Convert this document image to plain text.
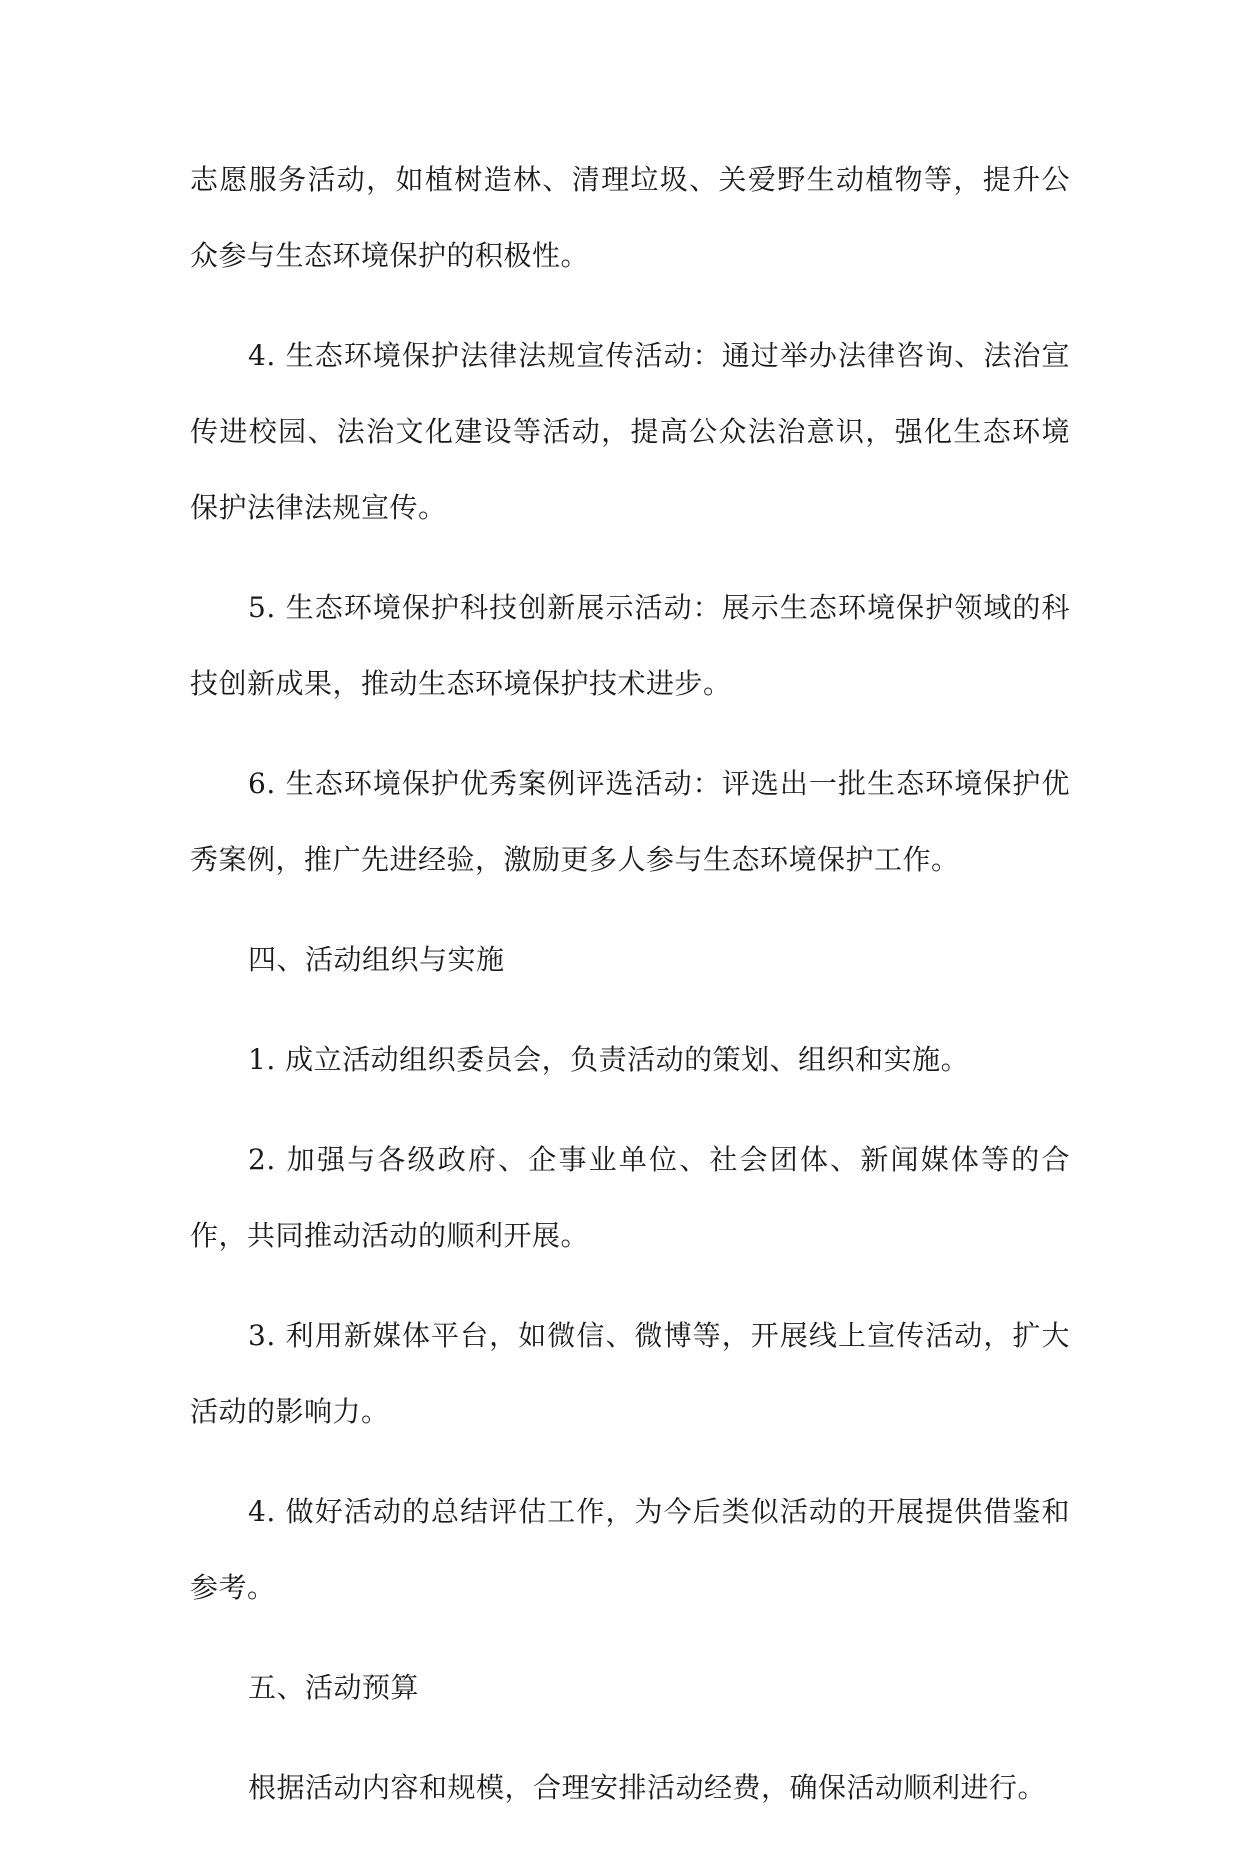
志愿服务活动，如植树造林、清理垃圾、关爱野生动植物等，提升公众参与生态环境保护的积极性。

4. 生态环境保护法律法规宣传活动：通过举办法律咨询、法治宣传进校园、法治文化建设等活动，提高公众法治意识，强化生态环境保护法律法规宣传。

5. 生态环境保护科技创新展示活动：展示生态环境保护领域的科技创新成果，推动生态环境保护技术进步。

6. 生态环境保护优秀案例评选活动：评选出一批生态环境保护优秀案例，推广先进经验，激励更多人参与生态环境保护工作。

四、活动组织与实施

1. 成立活动组织委员会，负责活动的策划、组织和实施。

2. 加强与各级政府、企事业单位、社会团体、新闻媒体等的合作，共同推动活动的顺利开展。

3. 利用新媒体平台，如微信、微博等，开展线上宣传活动，扩大活动的影响力。

4. 做好活动的总结评估工作，为今后类似活动的开展提供借鉴和参考。

五、活动预算

根据活动内容和规模，合理安排活动经费，确保活动顺利进行。
